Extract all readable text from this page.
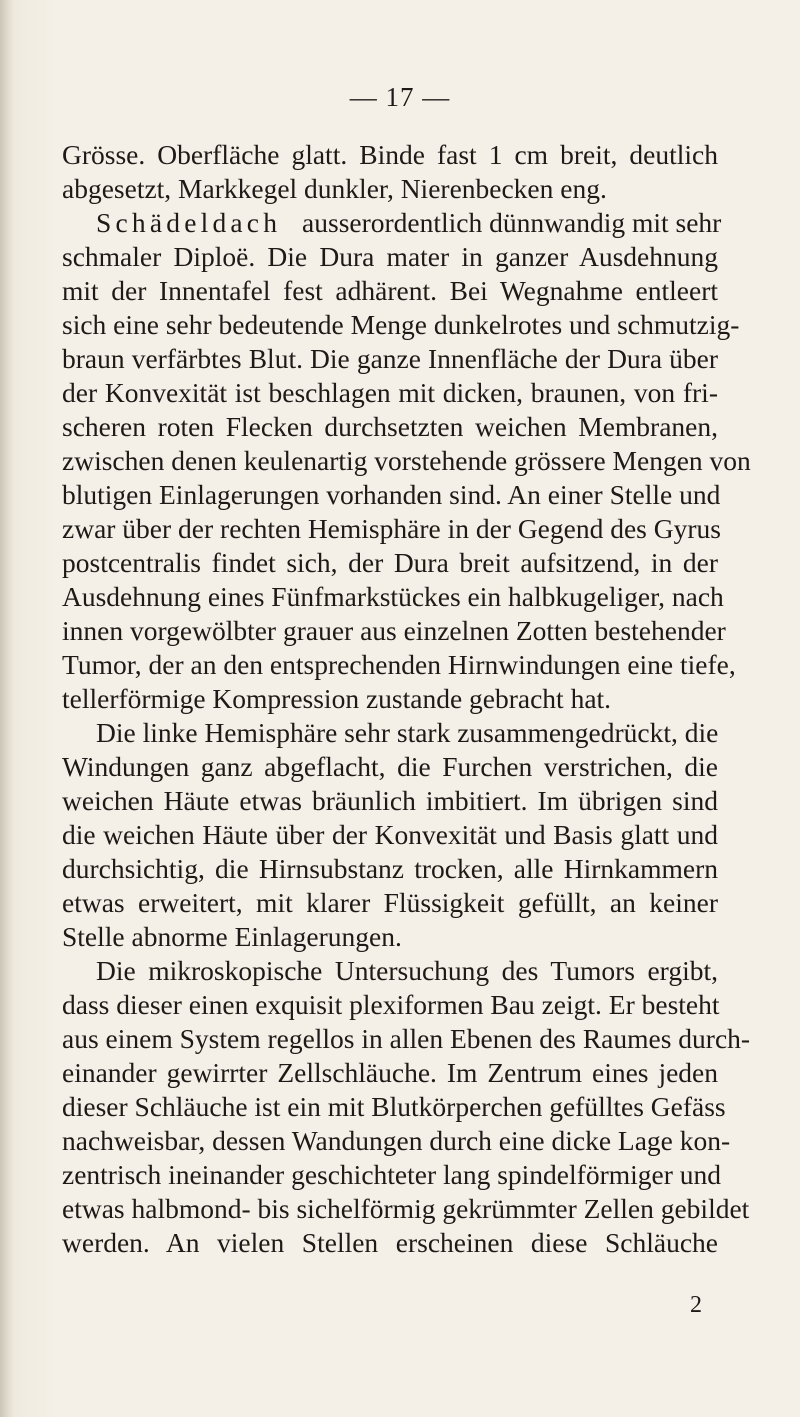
— 17 —
Grösse. Oberfläche glatt. Binde fast 1 cm breit, deutlich
abgesetzt, Markkegel dunkler, Nierenbecken eng.
Schädeldach ausserordentlich dünnwandig mit sehr
schmaler Diploë. Die Dura mater in ganzer Ausdehnung
mit der Innentafel fest adhärent. Bei Wegnahme entleert
sich eine sehr bedeutende Menge dunkelrotes und schmutzig-
braun verfärbtes Blut. Die ganze Innenfläche der Dura über
der Konvexität ist beschlagen mit dicken, braunen, von fri-
scheren roten Flecken durchsetzten weichen Membranen,
zwischen denen keulenartig vorstehende grössere Mengen von
blutigen Einlagerungen vorhanden sind. An einer Stelle und
zwar über der rechten Hemisphäre in der Gegend des Gyrus
postcentralis findet sich, der Dura breit aufsitzend, in der
Ausdehnung eines Fünfmarkstückes ein halbkugeliger, nach
innen vorgewölbter grauer aus einzelnen Zotten bestehender
Tumor, der an den entsprechenden Hirnwindungen eine tiefe,
tellerförmige Kompression zustande gebracht hat.
Die linke Hemisphäre sehr stark zusammengedrückt, die
Windungen ganz abgeflacht, die Furchen verstrichen, die
weichen Häute etwas bräunlich imbitiert. Im übrigen sind
die weichen Häute über der Konvexität und Basis glatt und
durchsichtig, die Hirnsubstanz trocken, alle Hirnkammern
etwas erweitert, mit klarer Flüssigkeit gefüllt, an keiner
Stelle abnorme Einlagerungen.
Die mikroskopische Untersuchung des Tumors ergibt,
dass dieser einen exquisit plexiformen Bau zeigt. Er besteht
aus einem System regellos in allen Ebenen des Raumes durch-
einander gewirrter Zellschläuche. Im Zentrum eines jeden
dieser Schläuche ist ein mit Blutkörperchen gefülltes Gefäss
nachweisbar, dessen Wandungen durch eine dicke Lage kon-
zentrisch ineinander geschichteter lang spindelförmiger und
etwas halbmond- bis sichelförmig gekrümmter Zellen gebildet
werden. An vielen Stellen erscheinen diese Schläuche
2
